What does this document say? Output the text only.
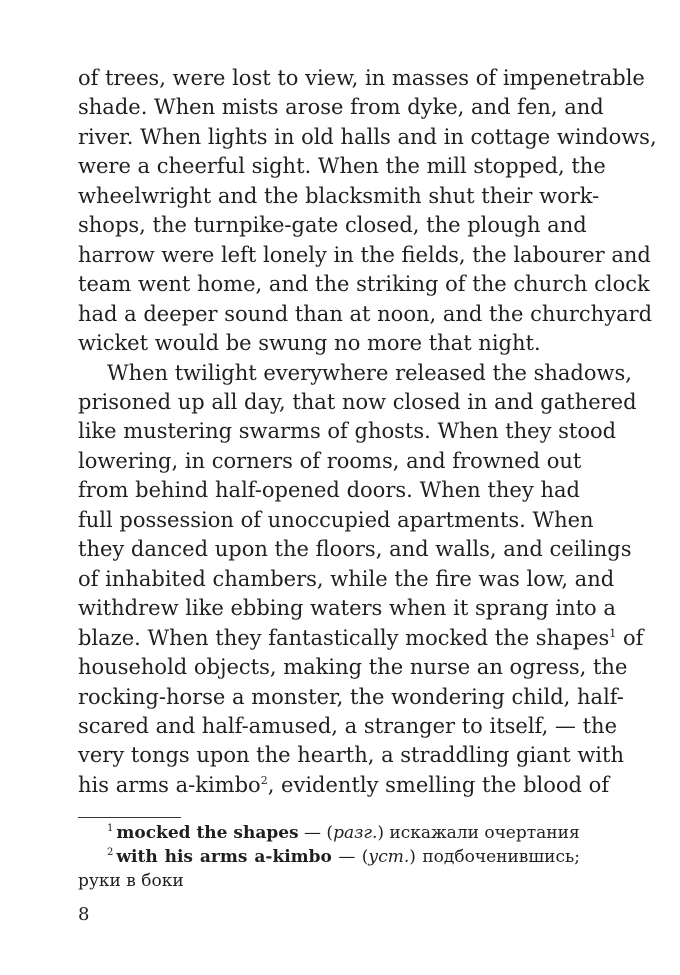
of trees, were lost to view, in masses of impenetrable
shade. When mists arose from dyke, and fen, and
river. When lights in old halls and in cottage windows,
were a cheerful sight. When the mill stopped, the
wheelwright and the blacksmith shut their work-
shops, the turnpike-gate closed, the plough and
harrow were left lonely in the fields, the labourer and
team went home, and the striking of the church clock
had a deeper sound than at noon, and the churchyard
wicket would be swung no more that night.

When twilight everywhere released the shadows,
prisoned up all day, that now closed in and gathered
like mustering swarms of ghosts. When they stood
lowering, in corners of rooms, and frowned out
from behind half-opened doors. When they had
full possession of unoccupied apartments. When
they danced upon the floors, and walls, and ceilings
of inhabited chambers, while the fire was low, and
withdrew like ebbing waters when it sprang into a
blaze. When they fantastically mocked the shapes$^1$ of
household objects, making the nurse an ogress, the
rocking-horse a monster, the wondering child, half-
scared and half-amused, a stranger to itself, — the
very tongs upon the hearth, a straddling giant with
his arms a-kimbo$^2$, evidently smelling the blood of

$^1$ mocked the shapes — (разг.) искажали очертания
$^2$ with his arms a-kimbo — (уст.) подбоченившись;
руки в боки
8
